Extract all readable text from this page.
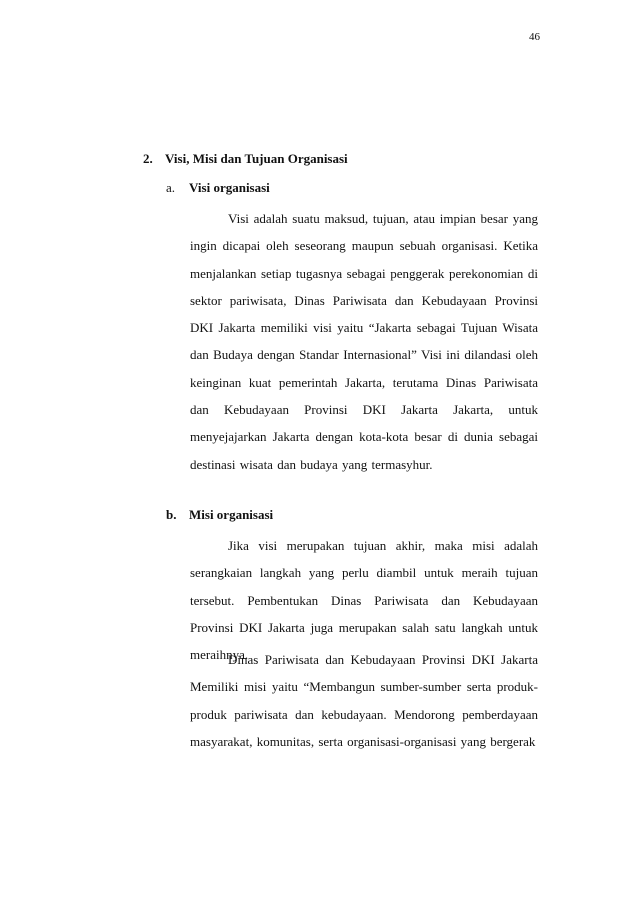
46
2. Visi, Misi dan Tujuan Organisasi
a. Visi organisasi

Visi adalah suatu maksud, tujuan, atau impian besar yang ingin dicapai oleh seseorang maupun sebuah organisasi. Ketika menjalankan setiap tugasnya sebagai penggerak perekonomian di sektor pariwisata, Dinas Pariwisata dan Kebudayaan Provinsi DKI Jakarta memiliki visi yaitu “Jakarta sebagai Tujuan Wisata dan Budaya dengan Standar Internasional” Visi ini dilandasi oleh keinginan kuat pemerintah Jakarta, terutama Dinas Pariwisata dan Kebudayaan Provinsi DKI Jakarta Jakarta, untuk menyejajarkan Jakarta dengan kota-kota besar di dunia sebagai destinasi wisata dan budaya yang termasyhur.

b. Misi organisasi

Jika visi merupakan tujuan akhir, maka misi adalah serangkaian langkah yang perlu diambil untuk meraih tujuan tersebut. Pembentukan Dinas Pariwisata dan Kebudayaan Provinsi DKI Jakarta juga merupakan salah satu langkah untuk meraihnya.

Dinas Pariwisata dan Kebudayaan Provinsi DKI Jakarta Memiliki misi yaitu “Membangun sumber-sumber serta produk-produk pariwisata dan kebudayaan. Mendorong pemberdayaan masyarakat, komunitas, serta organisasi-organisasi yang bergerak
